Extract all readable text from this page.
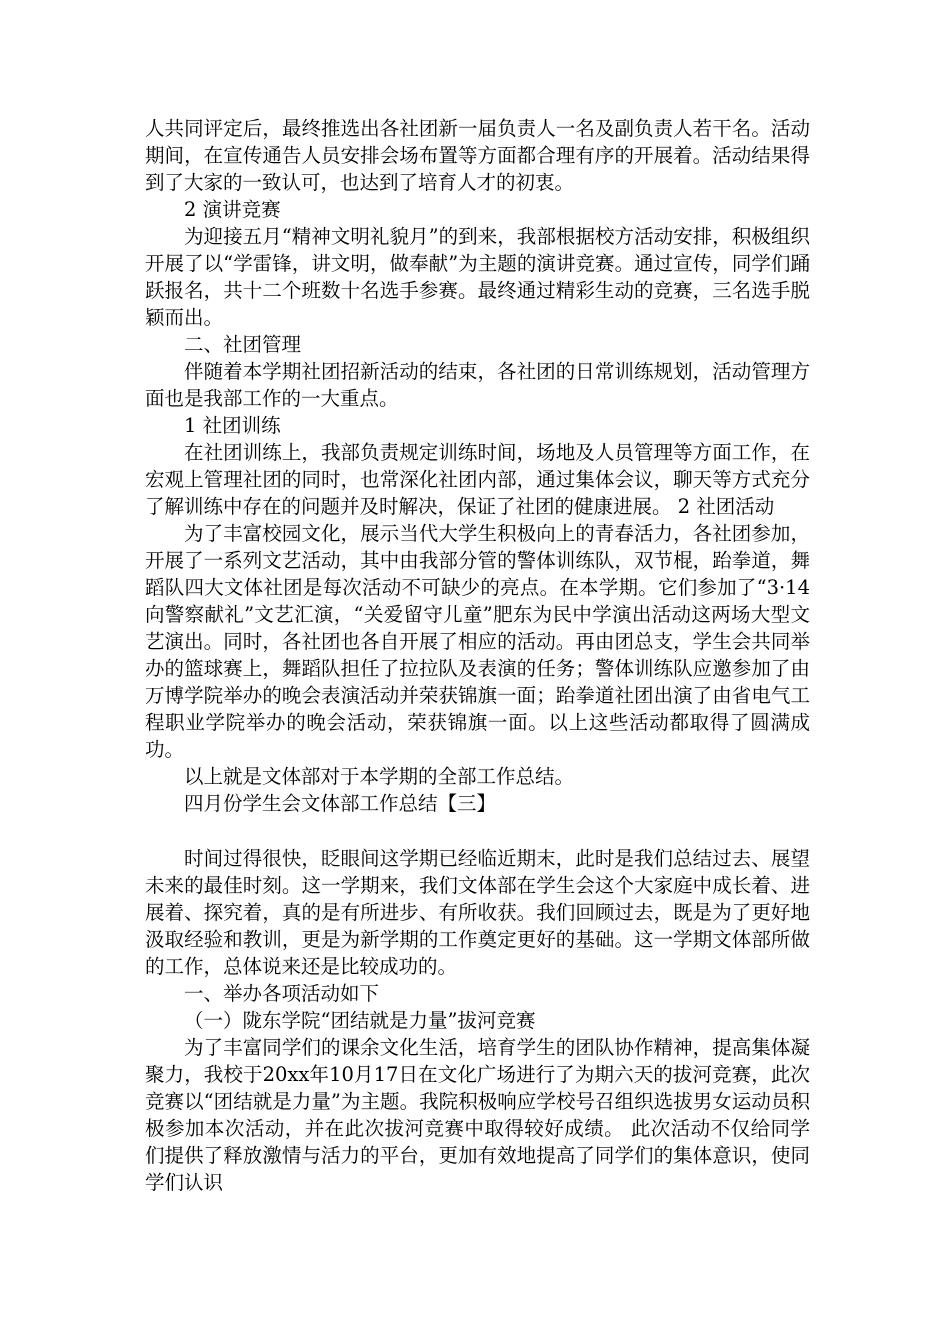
人共同评定后，最终推选出各社团新一届负责人一名及副负责人若干名。活动期间，在宣传通告人员安排会场布置等方面都合理有序的开展着。活动结果得到了大家的一致认可，也达到了培育人才的初衷。

2 演讲竞赛

为迎接五月“精神文明礼貌月”的到来，我部根据校方活动安排，积极组织开展了以“学雷锋，讲文明，做奉献”为主题的演讲竞赛。通过宣传，同学们踊跃报名，共十二个班数十名选手参赛。最终通过精彩生动的竞赛，三名选手脱颖而出。

二、社团管理

伴随着本学期社团招新活动的结束，各社团的日常训练规划，活动管理方面也是我部工作的一大重点。

1 社团训练

在社团训练上，我部负责规定训练时间，场地及人员管理等方面工作，在宏观上管理社团的同时，也常深化社团内部，通过集体会议，聊天等方式充分了解训练中存在的问题并及时解决，保证了社团的健康进展。 2 社团活动

为了丰富校园文化，展示当代大学生积极向上的青春活力，各社团参加，开展了一系列文艺活动，其中由我部分管的警体训练队，双节棍，跆拳道，舞蹈队四大文体社团是每次活动不可缺少的亮点。在本学期。它们参加了“3·14向警察献礼”文艺汇演，“关爱留守儿童”肥东为民中学演出活动这两场大型文艺演出。同时，各社团也各自开展了相应的活动。再由团总支，学生会共同举办的篮球赛上，舞蹈队担任了拉拉队及表演的任务；警体训练队应邀参加了由万博学院举办的晚会表演活动并荣获锦旗一面；跆拳道社团出演了由省电气工程职业学院举办的晚会活动，荣获锦旗一面。以上这些活动都取得了圆满成功。

以上就是文体部对于本学期的全部工作总结。

四月份学生会文体部工作总结【三】

时间过得很快，眨眼间这学期已经临近期末，此时是我们总结过去、展望未来的最佳时刻。这一学期来，我们文体部在学生会这个大家庭中成长着、进展着、探究着，真的是有所进步、有所收获。我们回顾过去，既是为了更好地汲取经验和教训，更是为新学期的工作奠定更好的基础。这一学期文体部所做的工作，总体说来还是比较成功的。

一、举办各项活动如下

（一）陇东学院“团结就是力量”拔河竞赛

为了丰富同学们的课余文化生活，培育学生的团队协作精神，提高集体凝聚力，我校于20xx年10月17日在文化广场进行了为期六天的拔河竞赛，此次竞赛以“团结就是力量”为主题。我院积极响应学校号召组织选拔男女运动员积极参加本次活动，并在此次拔河竞赛中取得较好成绩。 此次活动不仅给同学们提供了释放激情与活力的平台，更加有效地提高了同学们的集体意识，使同学们认识
